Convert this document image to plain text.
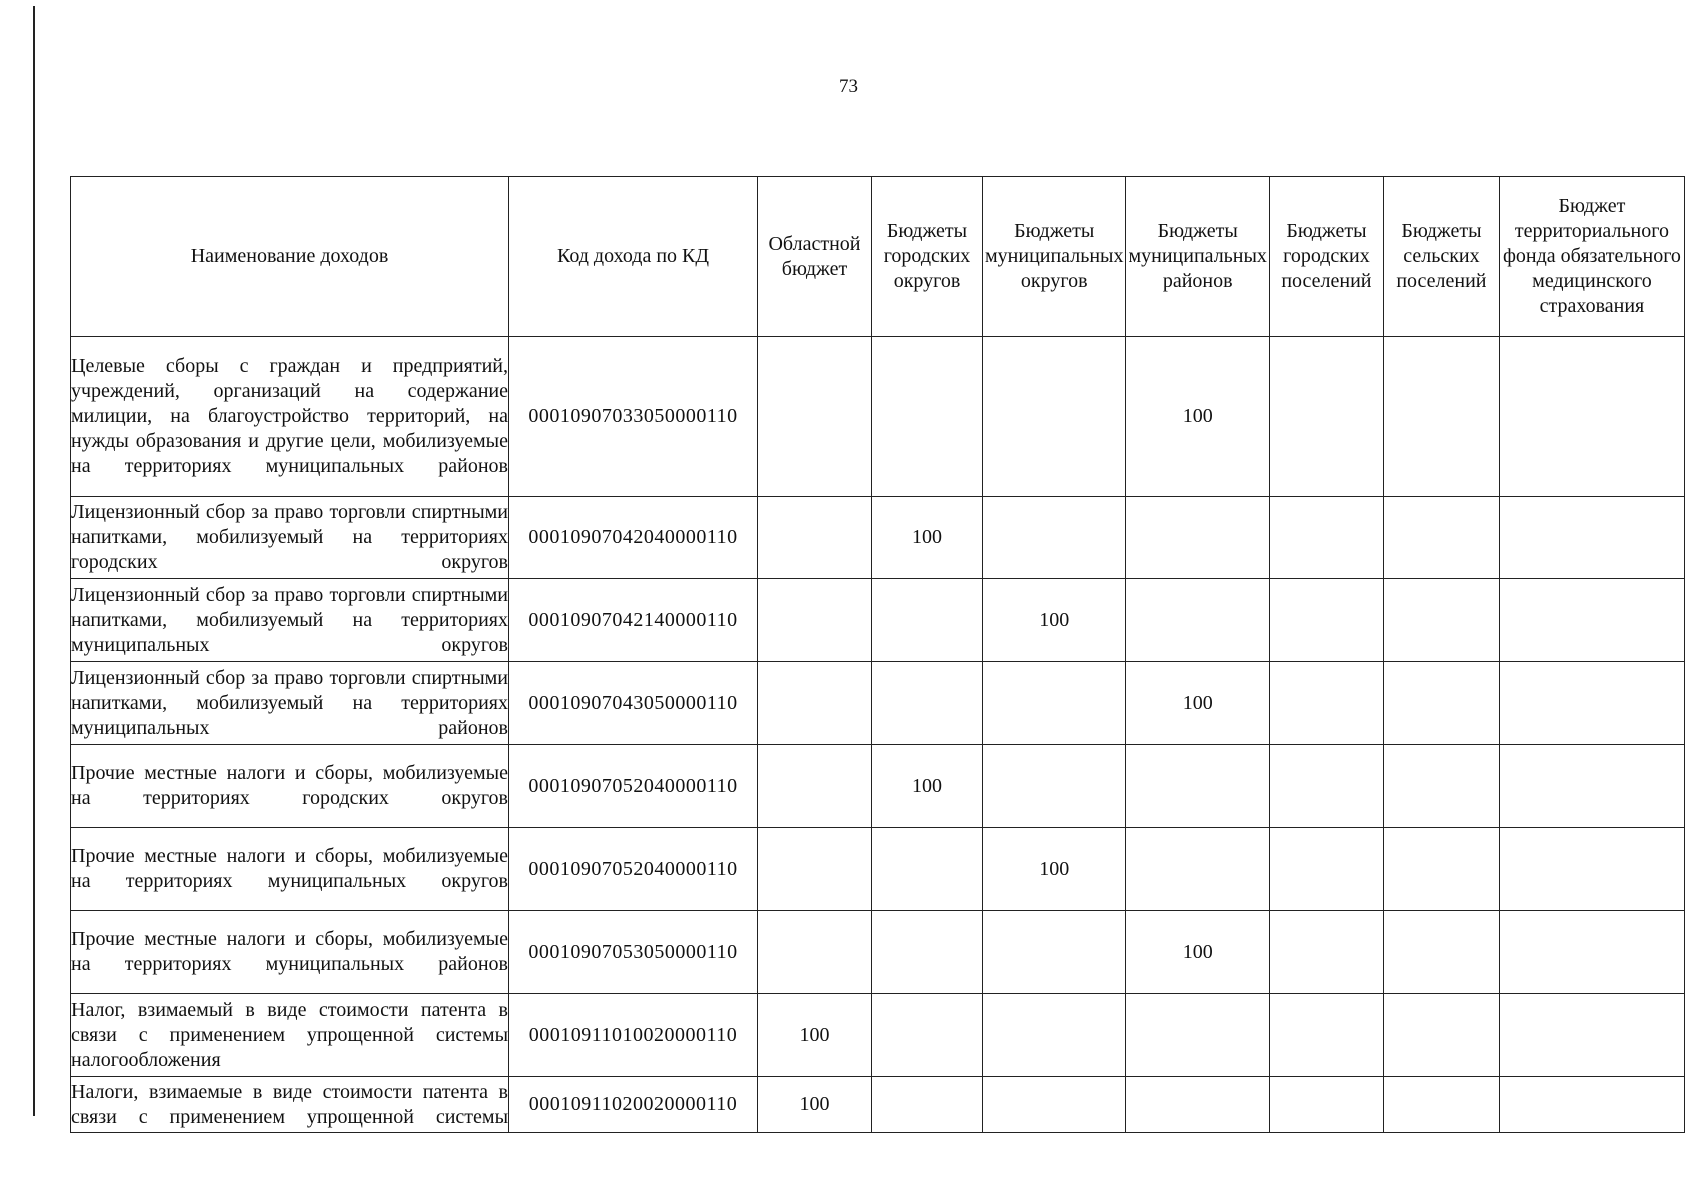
73
Наименование доходов	Код дохода по КД	Областной бюджет	Бюджеты городских округов	Бюджеты муниципальных округов	Бюджеты муниципальных районов	Бюджеты городских поселений	Бюджеты сельских поселений	Бюджет территориального фонда обязательного медицинского страхования
Целевые сборы с граждан и предприятий, учреждений, организаций на содержание милиции, на благоустройство территорий, на нужды образования и другие цели, мобилизуемые на территориях муниципальных районов	00010907033050000110				100			
Лицензионный сбор за право торговли спиртными напитками, мобилизуемый на территориях городских округов	00010907042040000110		100					
Лицензионный сбор за право торговли спиртными напитками, мобилизуемый на территориях муниципальных округов	00010907042140000110			100				
Лицензионный сбор за право торговли спиртными напитками, мобилизуемый на территориях муниципальных районов	00010907043050000110				100			
Прочие местные налоги и сборы, мобилизуемые на территориях городских округов	00010907052040000110		100					
Прочие местные налоги и сборы, мобилизуемые на территориях муниципальных округов	00010907052040000110			100				
Прочие местные налоги и сборы, мобилизуемые на территориях муниципальных районов	00010907053050000110				100			
Налог, взимаемый в виде стоимости патента в связи с применением упрощенной системы налогообложения	00010911010020000110	100						
Налоги, взимаемые в виде стоимости патента в связи с применением упрощенной системы	00010911020020000110	100						
